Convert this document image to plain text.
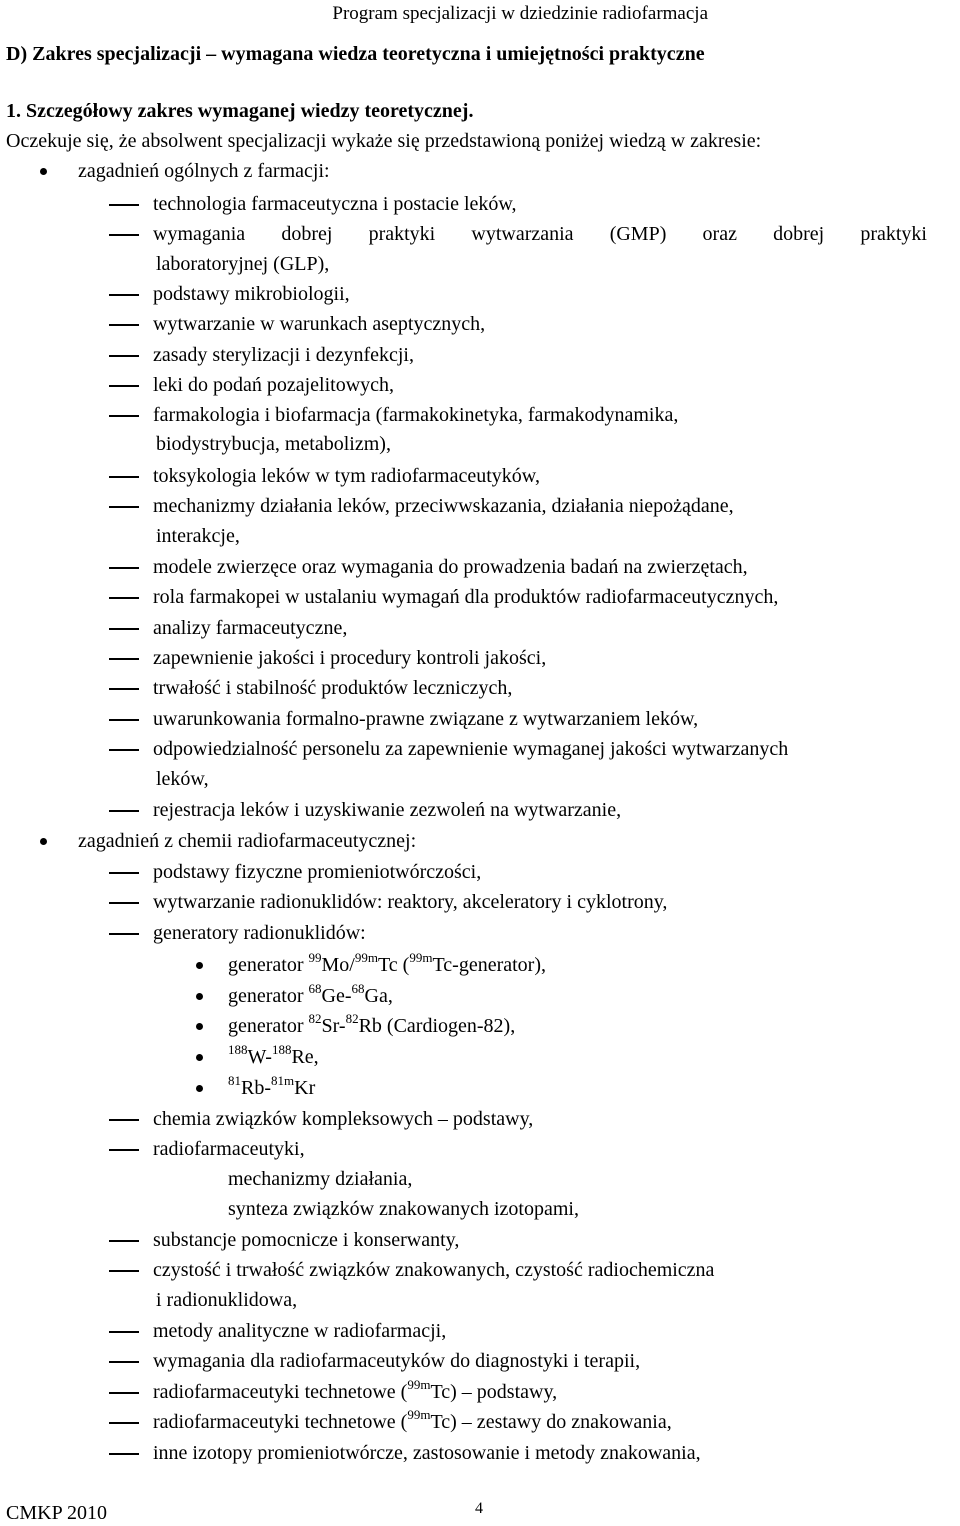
Program specjalizacji w dziedzinie radiofarmacja
D) Zakres specjalizacji – wymagana wiedza teoretyczna i umiejętności praktyczne
1. Szczegółowy zakres wymaganej wiedzy teoretycznej.
Oczekuje się, że absolwent specjalizacji wykaże się przedstawioną poniżej wiedzą w zakresie:
zagadnień ogólnych z farmacji:
technologia farmaceutyczna i postacie leków,
wymagania dobrej praktyki wytwarzania (GMP) oraz dobrej praktyki
laboratoryjnej (GLP),
podstawy mikrobiologii,
wytwarzanie w warunkach aseptycznych,
zasady sterylizacji i dezynfekcji,
leki do podań pozajelitowych,
farmakologia i biofarmacja (farmakokinetyka, farmakodynamika,
biodystrybucja, metabolizm),
toksykologia leków w tym radiofarmaceutyków,
mechanizmy działania leków, przeciwwskazania, działania niepożądane,
interakcje,
modele zwierzęce oraz wymagania do prowadzenia badań na zwierzętach,
rola farmakopei w ustalaniu wymagań dla produktów radiofarmaceutycznych,
analizy farmaceutyczne,
zapewnienie jakości i procedury kontroli jakości,
trwałość i stabilność produktów leczniczych,
uwarunkowania formalno-prawne związane z wytwarzaniem leków,
odpowiedzialność personelu za zapewnienie wymaganej jakości wytwarzanych
leków,
rejestracja leków i uzyskiwanie zezwoleń na wytwarzanie,
zagadnień z chemii radiofarmaceutycznej:
podstawy fizyczne promieniotwórczości,
wytwarzanie radionuklidów: reaktory, akceleratory i cyklotrony,
generatory radionuklidów:
generator $^{99}$Mo/$^{99m}$Tc ($^{99m}$Tc-generator),
generator $^{68}$Ge-$^{68}$Ga,
generator $^{82}$Sr-$^{82}$Rb (Cardiogen-82),
$^{188}$W-$^{188}$Re,
$^{81}$Rb-$^{81m}$Kr
chemia związków kompleksowych – podstawy,
radiofarmaceutyki,
mechanizmy działania,
synteza związków znakowanych izotopami,
substancje pomocnicze i konserwanty,
czystość i trwałość związków znakowanych, czystość radiochemiczna
i radionuklidowa,
metody analityczne w radiofarmacji,
wymagania dla radiofarmaceutyków do diagnostyki i terapii,
radiofarmaceutyki technetowe ($^{99m}$Tc) – podstawy,
radiofarmaceutyki technetowe ($^{99m}$Tc) – zestawy do znakowania,
inne izotopy promieniotwórcze, zastosowanie i metody znakowania,
CMKP 2010	4
